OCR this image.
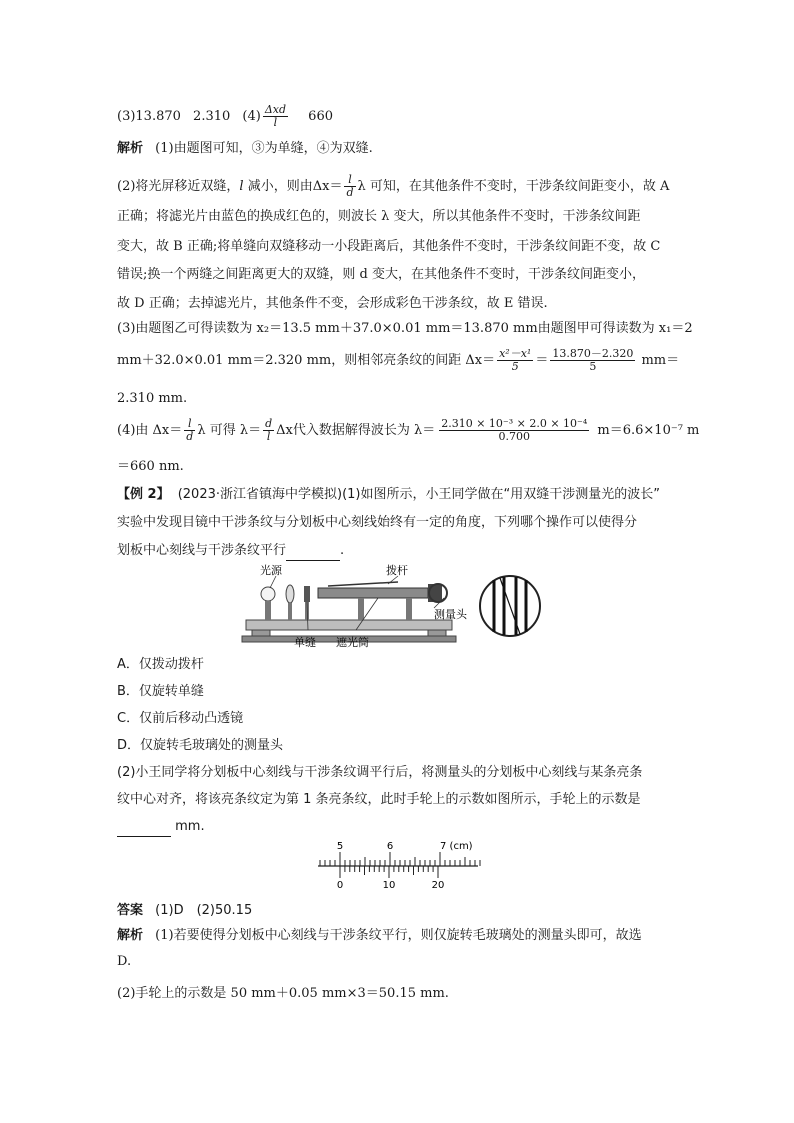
(3)13.870 2.310 $(4) \frac{\text{Δxd}}{l} 660$
解析 (1)由题图可知，③为单缝，④为双缝.
(2)将光屏移近双缝，l 减小，则由$\Delta x= \frac{l}{d}$ λ 可知，在其他条件不变时，干涉条纹间距变小，故 A
正确；将滤光片由蓝色的换成红色的，则波长 λ 变大，所以其他条件不变时，干涉条纹间距
变大，故 B 正确;将单缝向双缝移动一小段距离后，其他条件不变时，干涉条纹间距不变，故 C
错误;换一个两缝之间距离更大的双缝，则 d 变大，在其他条件不变时，干涉条纹间距变小，
故 D 正确；去掉滤光片，其他条件不变，会形成彩色干涉条纹，故 E 错误.
(3)由题图乙可得读数为 x₂＝13.5 mm＋37.0×0.01 mm＝13.870 mm由题图甲可得读数为 x₁＝2
mm＋32.0×0.01 mm＝2.320 mm，则相邻亮条纹的间距 $\Delta x= \frac{\text{x²－x¹}}{5} = \frac{13.870-2.320}{5} mm=$
2.310 mm.
(4)由 $\Delta x= \frac{l}{d}$ λ 可得 $\lambda= \frac{d}{l}$ Δx代入数据解得波长为 $\lambda= \frac{\text{2.310 × 10⁻³ × 2.0 × 10⁻⁴}}{0.700} m=6.6\times 10^{-7}$ m
＝660 nm.
【例 2】 (2023·浙江省镇海中学模拟)(1)如图所示，小王同学做在“用双缝干涉测量光的波长”
实验中发现目镜中干涉条纹与分划板中心刻线始终有一定的角度，下列哪个操作可以使得分
划板中心刻线与干涉条纹平行	.
光源	拨杆
测量头
单缝 遮光筒
A．仅拨动拨杆
B．仅旋转单缝
C．仅前后移动凸透镜
D．仅旋转毛玻璃处的测量头
(2)小王同学将分划板中心刻线与干涉条纹调平行后，将测量头的分划板中心刻线与某条亮条
纹中心对齐，将该亮条纹定为第 1 条亮条纹，此时手轮上的示数如图所示，手轮上的示数是
mm.
5	6	7 (cm)
0	10	20
答案 (1)D　(2)50.15
解析 (1)若要使得分划板中心刻线与干涉条纹平行，则仅旋转毛玻璃处的测量头即可，故选
D.
(2)手轮上的示数是 50 mm＋0.05 mm×3＝50.15 mm.
